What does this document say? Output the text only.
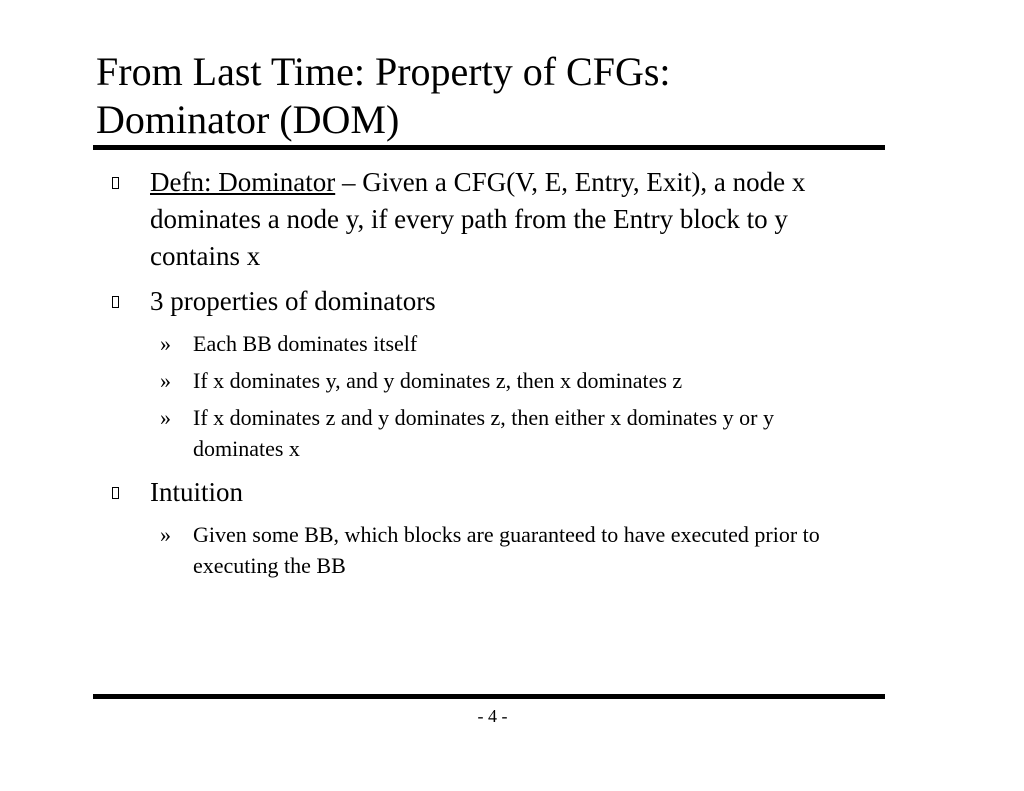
From Last Time: Property of CFGs:
Dominator (DOM)
Defn: Dominator – Given a CFG(V, E, Entry, Exit), a node x dominates a node y, if every path from the Entry block to y contains x
3 properties of dominators
» Each BB dominates itself
» If x dominates y, and y dominates z, then x dominates z
» If x dominates z and y dominates z, then either x dominates y or y dominates x
Intuition
» Given some BB, which blocks are guaranteed to have executed prior to executing the BB
- 4 -
